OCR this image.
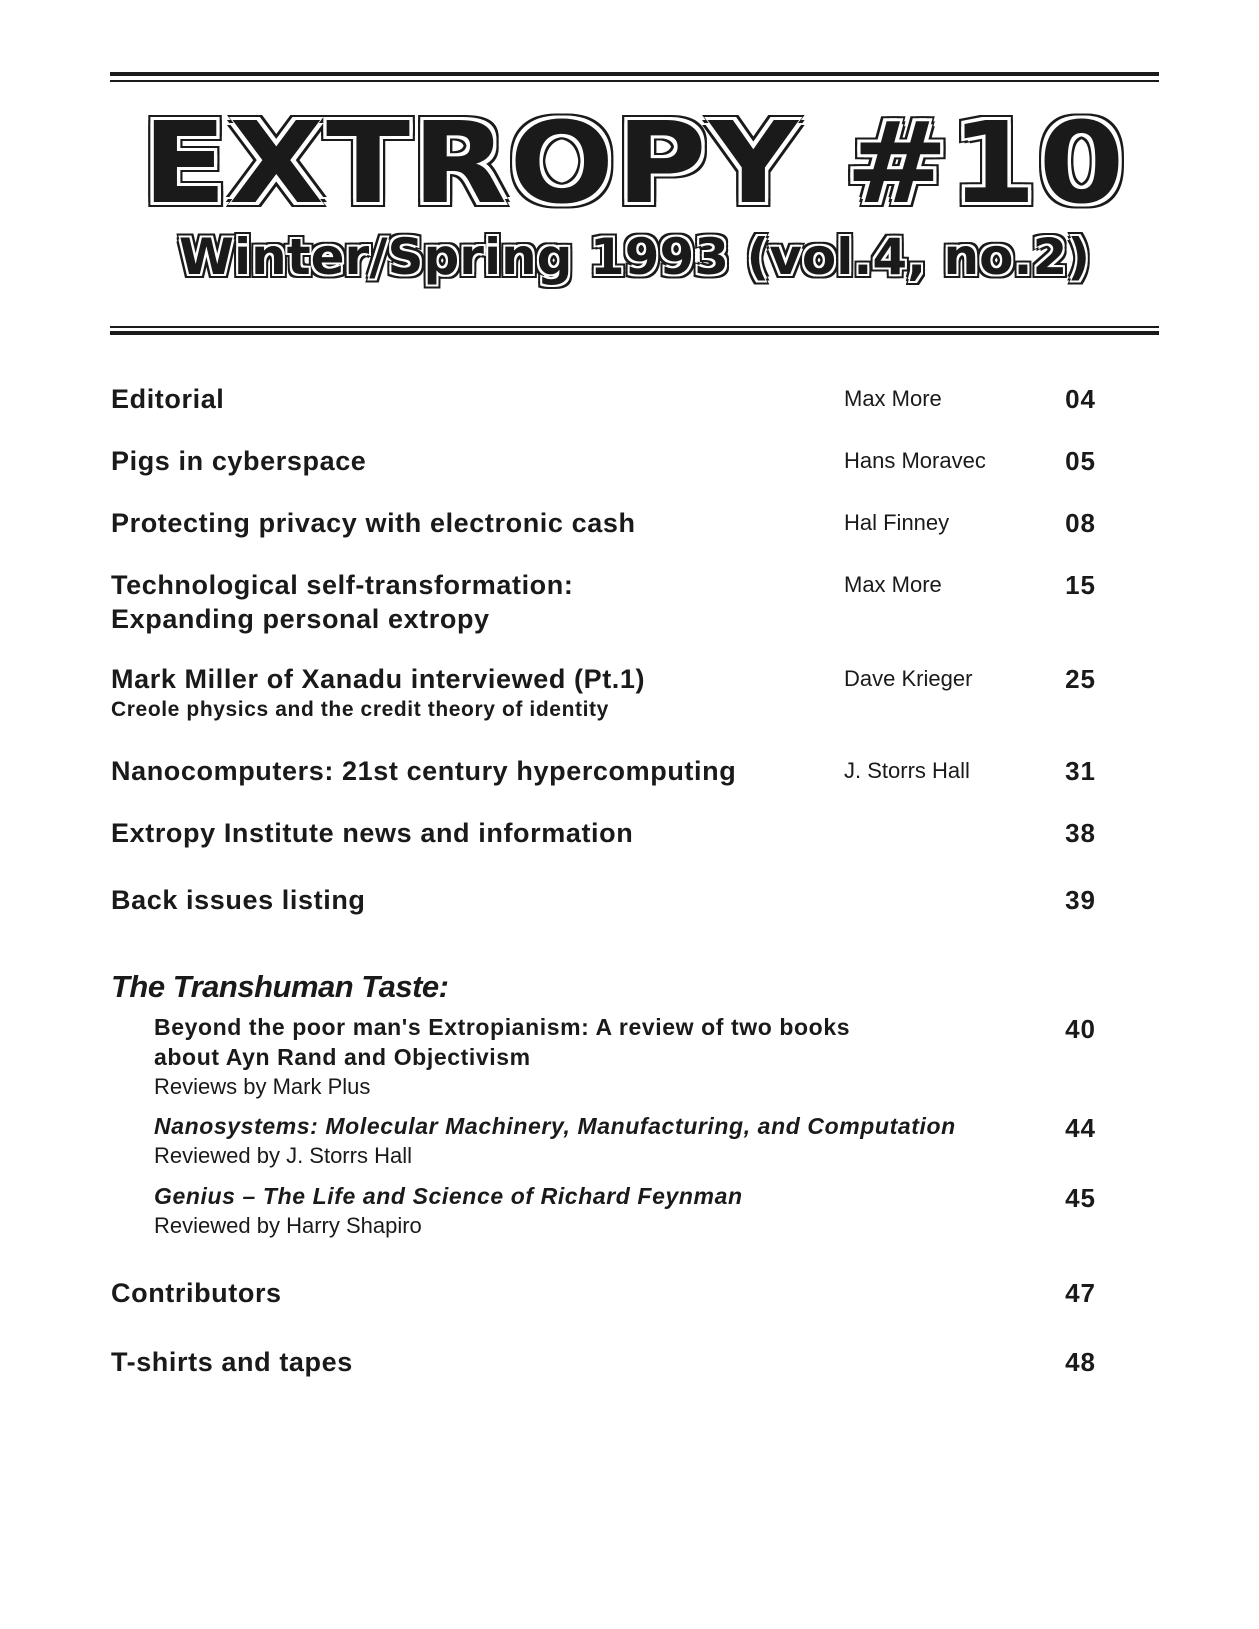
EXTROPY #10
Winter/Spring 1993 (vol.4, no.2)
Editorial	Max More	04
Pigs in cyberspace	Hans Moravec	05
Protecting privacy with electronic cash	Hal Finney	08
Technological self-transformation:
Expanding personal extropy
Max More	15
Mark Miller of Xanadu interviewed (Pt.1)
Creole physics and the credit theory of identity
Dave Krieger	25
Nanocomputers: 21st century hypercomputing	J. Storrs Hall	31
Extropy Institute news and information	38
Back issues listing	39
The Transhuman Taste:
Beyond the poor man's Extropianism: A review of two books
about Ayn Rand and Objectivism
Reviews by Mark Plus
40
Nanosystems: Molecular Machinery, Manufacturing, and Computation
Reviewed by J. Storrs Hall
44
Genius – The Life and Science of Richard Feynman
Reviewed by Harry Shapiro
45
Contributors	47
T-shirts and tapes	48
